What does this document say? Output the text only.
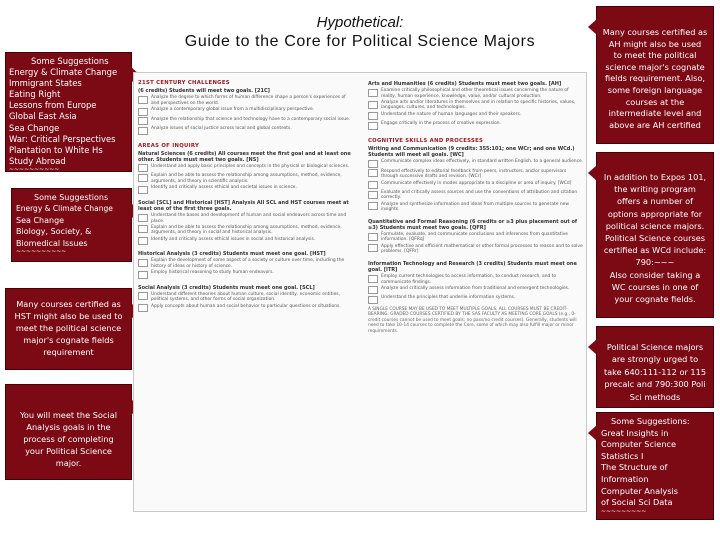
Hypothetical:
Guide to the Core for Political Science Majors
Some Suggestions
Energy & Climate Change
Immigrant States
Eating Right
Lessons from Europe
Global East Asia
Sea Change
War: Critical Perspectives
Plantation to White Hs
Study Abroad
~~~~~~~~~~
Some Suggestions
Energy & Climate Change
Sea Change
Biology, Society, &
Biomedical Issues
~~~~~~~~~~
Many courses certified as
HST might also be used to
meet the political science
major's cognate fields
requirement
You will meet the Social
Analysis goals in the
process of completing
your Political Science
major.
21ST CENTURY CHALLENGES
(6 credits) Students will meet two goals. [21C]
Analyze the degree to which forms of human difference shape a person's experiences of and perspectives on the world.
Analyze a contemporary global issue from a multidisciplinary perspective.
Analyze the relationship that science and technology have to a contemporary social issue.
Analyze issues of social justice across local and global contexts.
AREAS OF INQUIRY
Natural Sciences (6 credits) All courses meet the first goal and at least one other. Students must meet two goals. [NS]
Understand and apply basic principles and concepts in the physical or biological sciences.
Explain and be able to assess the relationship among assumptions, method, evidence, arguments, and theory in scientific analysis.
Identify and critically assess ethical and societal issues in science.
Social [SCL] and Historical [HST] Analysis All SCL and HST courses meet at least one of the first three goals.
Understand the bases and development of human and social endeavors across time and place.
Explain and be able to assess the relationship among assumptions, method, evidence, arguments, and theory in social and historical analysis.
Identify and critically assess ethical issues in social and historical analysis.
Historical Analysis (3 credits) Students must meet one goal. [HST]
Explain the development of some aspect of a society or culture over time, including the history of ideas or history of science.
Employ historical reasoning to study human endeavors.
Social Analysis (3 credits) Students must meet one goal. [SCL]
Understand different theories about human culture, social identity, economic entities, political systems, and other forms of social organization.
Apply concepts about human and social behavior to particular questions or situations.
Arts and Humanities (6 credits) Students must meet two goals. [AH]
Examine critically philosophical and other theoretical issues concerning the nature of reality, human experience, knowledge, value, and/or cultural production.
Analyze arts and/or literatures in themselves and in relation to specific histories, values, languages, cultures, and technologies.
Understand the nature of human languages and their speakers.
Engage critically in the process of creative expression.
COGNITIVE SKILLS AND PROCESSES
Writing and Communication (9 credits: 355:101; one WCr; and one WCd.) Students will meet all goals. [WC]
Communicate complex ideas effectively, in standard written English, to a general audience.
Respond effectively to editorial feedback from peers, instructors, and/or supervisors through successive drafts and revision. [WCr]
Communicate effectively in modes appropriate to a discipline or area of inquiry. [WCd]
Evaluate and critically assess sources and use the conventions of attribution and citation correctly.
Analyze and synthesize information and ideas from multiple sources to generate new insights.
Quantitative and Formal Reasoning (6 credits or ≥3 plus placement out of ≥3) Students must meet two goals. [QFR]
Formulate, evaluate, and communicate conclusions and inferences from quantitative information. [QFRq]
Apply effective and efficient mathematical or other formal processes to reason and to solve problems. [QFRr]
Information Technology and Research (3 credits) Students must meet one goal. [ITR]
Employ current technologies to access information, to conduct research, and to communicate findings.
Analyze and critically assess information from traditional and emergent technologies.
Understand the principles that underlie information systems.
A SINGLE COURSE MAY BE USED TO MEET MULTIPLE GOALS. ALL COURSES MUST BE CREDIT-BEARING. GRADED COURSES CERTIFIED BY THE SAS FACULTY AS MEETING CORE GOALS (e.g., 0-credit courses cannot be used to meet goals; no pass/no credit courses). Generally, students will need to take 10-14 courses to complete the Core, some of which may also fulfill major or minor requirements.
Many courses certified as
AH might also be used
to meet the political
science major's cognate
fields requirement. Also,
some foreign language
courses at the
intermediate level and
above are AH certified
In addition to Expos 101,
the writing program
offers a number of
options appropriate for
political science majors.
Political Science courses
certified as WCd include:
790:~~~
Also consider taking a
WC courses in one of
your cognate fields.
Political Science majors
are strongly urged to
take 640:111-112 or 115
precalc and 790:300 Poli
Sci methods
Some Suggestions:
Great Insights in
Computer Science
Statistics I
The Structure of
Information
Computer Analysis
of Social Sci Data
~~~~~~~~~
